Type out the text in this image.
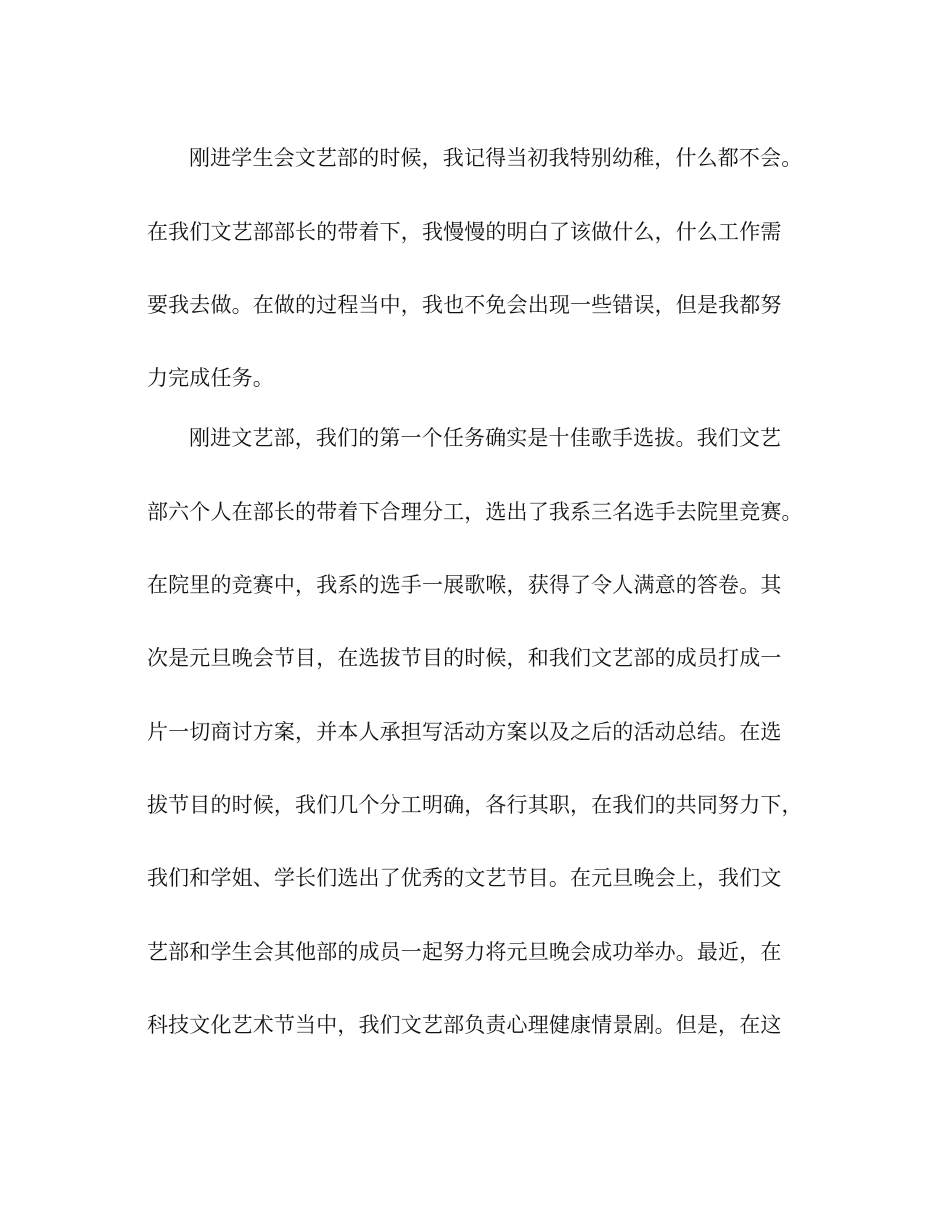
刚进学生会文艺部的时候，我记得当初我特别幼稚，什么都不会。

在我们文艺部部长的带着下，我慢慢的明白了该做什么，什么工作需

要我去做。在做的过程当中，我也不免会出现一些错误，但是我都努

力完成任务。

刚进文艺部，我们的第一个任务确实是十佳歌手选拔。我们文艺

部六个人在部长的带着下合理分工，选出了我系三名选手去院里竞赛。

在院里的竞赛中，我系的选手一展歌喉，获得了令人满意的答卷。其

次是元旦晚会节目，在选拔节目的时候，和我们文艺部的成员打成一

片一切商讨方案，并本人承担写活动方案以及之后的活动总结。在选

拔节目的时候，我们几个分工明确，各行其职，在我们的共同努力下，

我们和学姐、学长们选出了优秀的文艺节目。在元旦晚会上，我们文

艺部和学生会其他部的成员一起努力将元旦晚会成功举办。最近，在

科技文化艺术节当中，我们文艺部负责心理健康情景剧。但是，在这
